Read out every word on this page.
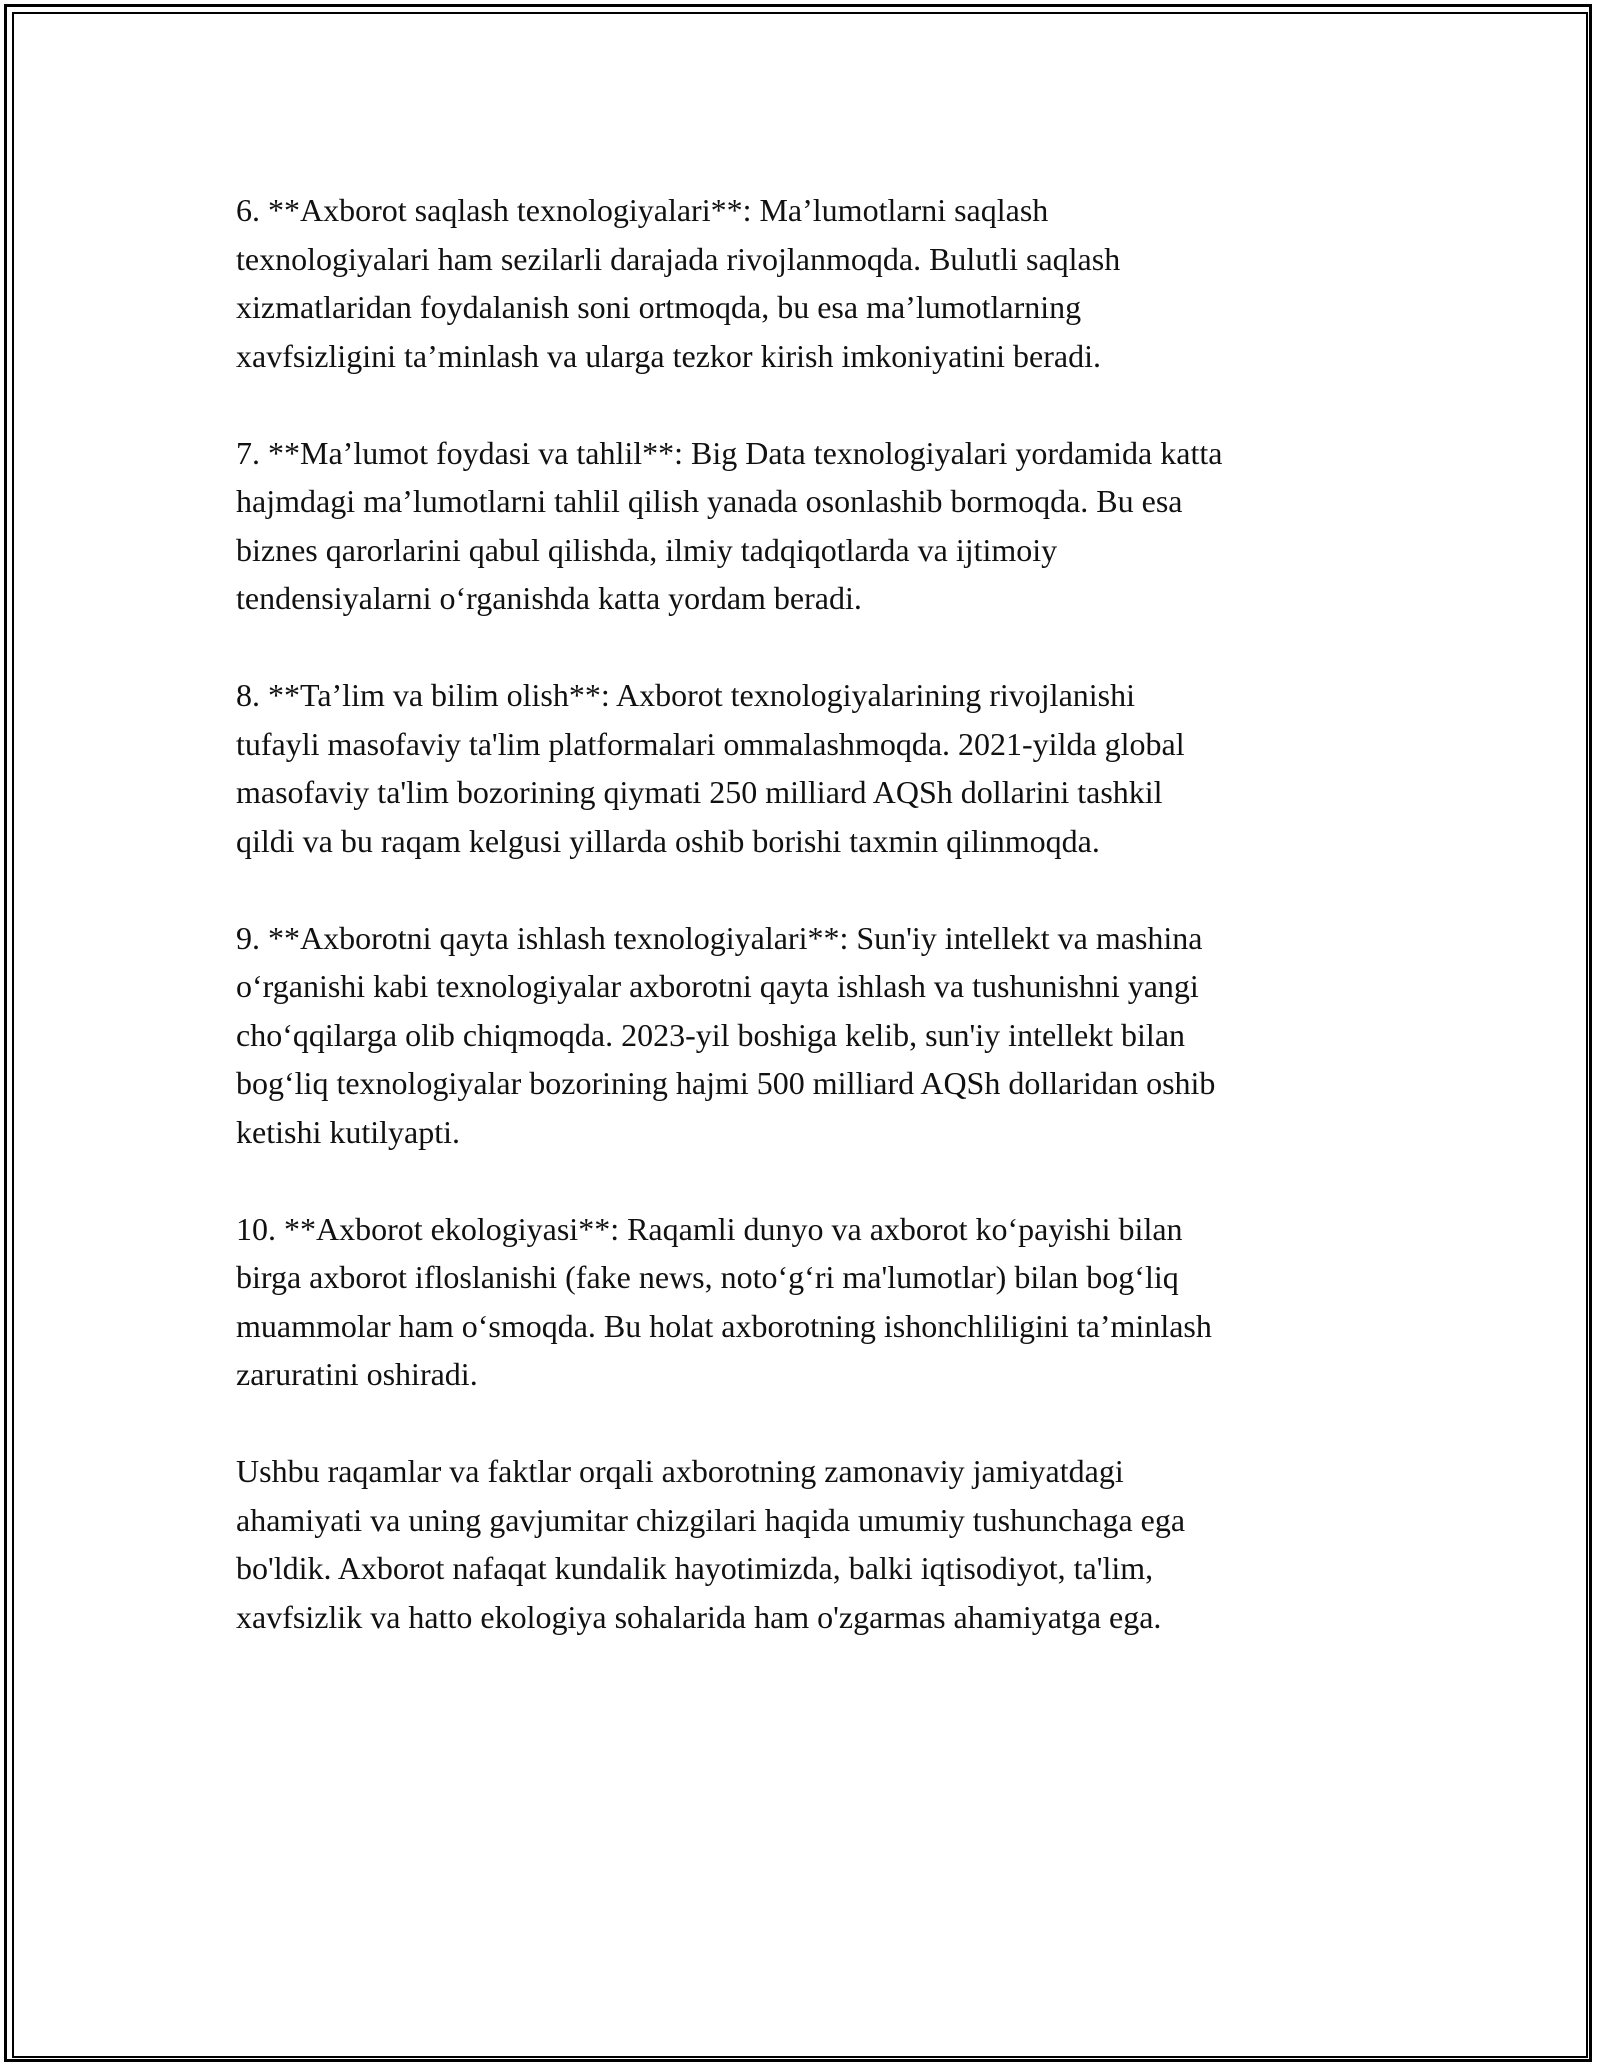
6. **Axborot saqlash texnologiyalari**: Ma’lumotlarni saqlash
texnologiyalari ham sezilarli darajada rivojlanmoqda. Bulutli saqlash
xizmatlaridan foydalanish soni ortmoqda, bu esa ma’lumotlarning
xavfsizligini ta’minlash va ularga tezkor kirish imkoniyatini beradi.

7. **Ma’lumot foydasi va tahlil**: Big Data texnologiyalari yordamida katta
hajmdagi ma’lumotlarni tahlil qilish yanada osonlashib bormoqda. Bu esa
biznes qarorlarini qabul qilishda, ilmiy tadqiqotlarda va ijtimoiy
tendensiyalarni o‘rganishda katta yordam beradi.

8. **Ta’lim va bilim olish**: Axborot texnologiyalarining rivojlanishi
tufayli masofaviy ta'lim platformalari ommalashmoqda. 2021-yilda global
masofaviy ta'lim bozorining qiymati 250 milliard AQSh dollarini tashkil
qildi va bu raqam kelgusi yillarda oshib borishi taxmin qilinmoqda.

9. **Axborotni qayta ishlash texnologiyalari**: Sun'iy intellekt va mashina
o‘rganishi kabi texnologiyalar axborotni qayta ishlash va tushunishni yangi
cho‘qqilarga olib chiqmoqda. 2023-yil boshiga kelib, sun'iy intellekt bilan
bog‘liq texnologiyalar bozorining hajmi 500 milliard AQSh dollaridan oshib
ketishi kutilyapti.

10. **Axborot ekologiyasi**: Raqamli dunyo va axborot ko‘payishi bilan
birga axborot ifloslanishi (fake news, noto‘g‘ri ma'lumotlar) bilan bog‘liq
muammolar ham o‘smoqda. Bu holat axborotning ishonchliligini ta’minlash
zaruratini oshiradi.

Ushbu raqamlar va faktlar orqali axborotning zamonaviy jamiyatdagi
ahamiyati va uning gavjumitar chizgilari haqida umumiy tushunchaga ega
bo'ldik. Axborot nafaqat kundalik hayotimizda, balki iqtisodiyot, ta'lim,
xavfsizlik va hatto ekologiya sohalarida ham o'zgarmas ahamiyatga ega.
